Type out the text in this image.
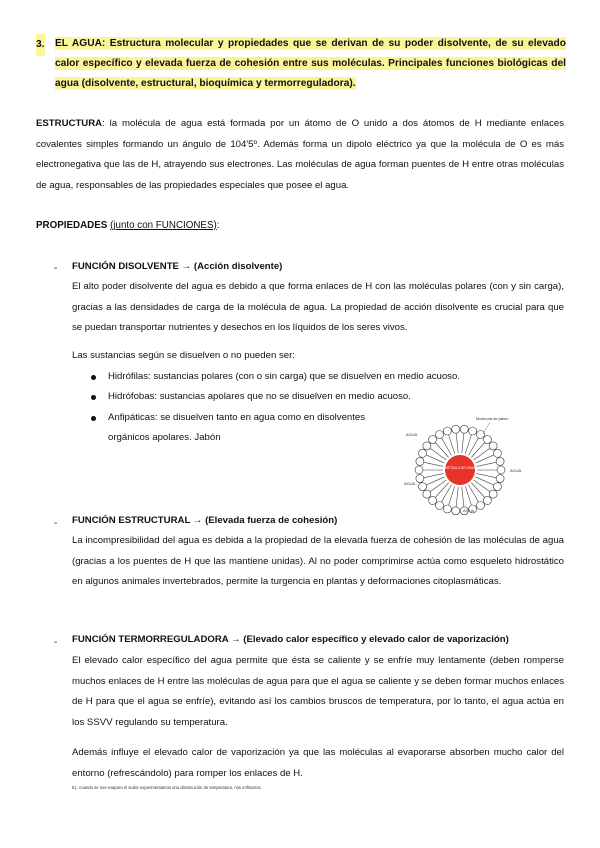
3. EL AGUA: Estructura molecular y propiedades que se derivan de su poder disolvente, de su elevado calor específico y elevada fuerza de cohesión entre sus moléculas. Principales funciones biológicas del agua (disolvente, estructural, bioquímica y termorreguladora).
ESTRUCTURA: la molécula de agua está formada por un átomo de O unido a dos átomos de H mediante enlaces covalentes simples formando un ángulo de 104'5º. Además forma un dipolo eléctrico ya que la molécula de O es más electronegativa que las de H, atrayendo sus electrones. Las moléculas de agua forman puentes de H entre otras moléculas de agua, responsables de las propiedades especiales que posee el agua.
PROPIEDADES (junto con FUNCIONES):
- FUNCIÓN DISOLVENTE → (Acción disolvente)
El alto poder disolvente del agua es debido a que forma enlaces de H con las moléculas polares (con y sin carga), gracias a las densidades de carga de la molécula de agua. La propiedad de acción disolvente es crucial para que se puedan transportar nutrientes y desechos en los líquidos de los seres vivos.
Las sustancias según se disuelven o no pueden ser:
Hidrófilas: sustancias polares (con o sin carga) que se disuelven en medio acuoso.
Hidrófobas: sustancias apolares que no se disuelven en medio acuoso.
Anfipáticas: se disuelven tanto en agua como en disolventes orgánicos apolares. Jabón
PARTÍCULA DE GRASA
Molécula de jabón
AGUA
AGUA
AGUA
AGUA
- FUNCIÓN ESTRUCTURAL → (Elevada fuerza de cohesión)
La incompresibilidad del agua es debida a la propiedad de la elevada fuerza de cohesión de las moléculas de agua (gracias a los puentes de H que las mantiene unidas). Al no poder comprimirse actúa como esqueleto hidrostático en algunos animales invertebrados, permite la turgencia en plantas y deformaciones citoplasmáticas.
- FUNCIÓN TERMORREGULADORA → (Elevado calor específico y elevado calor de vaporización)
El elevado calor específico del agua permite que ésta se caliente y se enfríe muy lentamente (deben romperse muchos enlaces de H entre las moléculas de agua para que el agua se caliente y se deben formar muchos enlaces de H para que el agua se enfríe), evitando así los cambios bruscos de temperatura, por lo tanto, el agua actúa en los SSVV regulando su temperatura.
Además influye el elevado calor de vaporización ya que las moléculas al evaporarse absorben mucho calor del entorno (refrescándolo) para romper los enlaces de H.
Ej.: cuando se nos evapora el sudor experimentamos una disminución de temperatura, nos enfriamos.
